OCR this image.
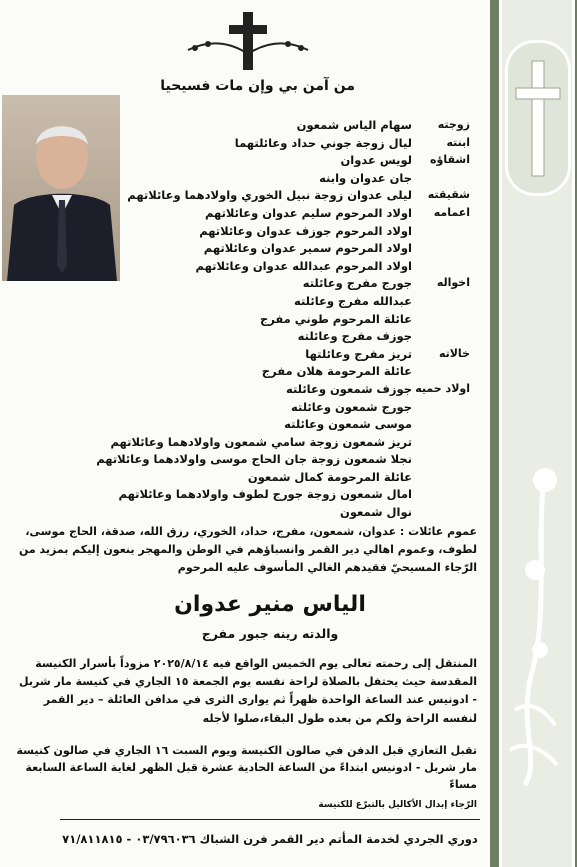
من آمن بي وإن مات فسيحيا
زوجته
سهام الياس شمعون
ابنته
ليال زوجة جوني حداد وعائلتهما
اشقاؤه
لويس عدوان
جان عدوان وابنه
شقيقته
ليلى عدوان زوجة نبيل الخوري واولادهما وعائلاتهم
اعمامه
اولاد المرحوم سليم عدوان وعائلاتهم
اولاد المرحوم جوزف عدوان وعائلاتهم
اولاد المرحوم سمير عدوان وعائلاتهم
اولاد المرحوم عبدالله عدوان وعائلاتهم
اخواله
جورج مفرج وعائلته
عبدالله مفرج وعائلته
عائلة المرحوم طوني مفرج
جوزف مفرج وعائلته
خالاته
تريز مفرج وعائلتها
عائلة المرحومة هلان مفرج
اولاد حميه
جوزف شمعون وعائلته
جورج شمعون وعائلته
موسى شمعون وعائلته
تريز شمعون زوجة سامي شمعون واولادهما وعائلاتهم
نجلا شمعون زوجة جان الحاج موسى واولادهما وعائلاتهم
عائلة المرحومة كمال شمعون
امال شمعون زوجة جورج لطوف واولادهما وعائلاتهم
نوال شمعون
عموم عائلات : عدوان، شمعون، مفرج، حداد، الخوري، رزق الله، صدقة، الحاج موسى، لطوف، وعموم اهالي دير القمر وانسباؤهم في الوطن والمهجر ينعون إليكم بمزيد من الرّجاء المسيحيّ فقيدهم الغالي المأسوف عليه المرحوم
الياس منير عدوان
والدته رينه جبور مفرج
المنتقل إلى رحمته تعالى يوم الخميس الواقع فيه ٢٠٢٥/٨/١٤ مزوداً بأسرار الكنيسة المقدسة حيث يحتفل بالصلاة لراحة نفسه يوم الجمعة ١٥ الجاري في كنيسة مار شربل - ادونيس عند الساعة الواحدة ظهراً ثم يوارى الثرى في مدافن العائلة – دير القمر
لنفسه الراحة ولكم من بعده طول البقاء،صلوا لأجله
تقبل التعازي قبل الدفن في صالون الكنيسة ويوم السبت ١٦ الجاري في صالون كنيسة مار شربل - ادونيس ابتداءً من الساعة الحادية عشرة قبل الظهر لغاية الساعة السابعة مساءً
الرّجاء إبدال الأكاليل بالتبرّع للكنيسة
دوري الجردي لخدمة المأتم دير القمر فرن الشباك ٠٣/٧٩٦٠٣٦ - ٧١/٨١١٨١٥
